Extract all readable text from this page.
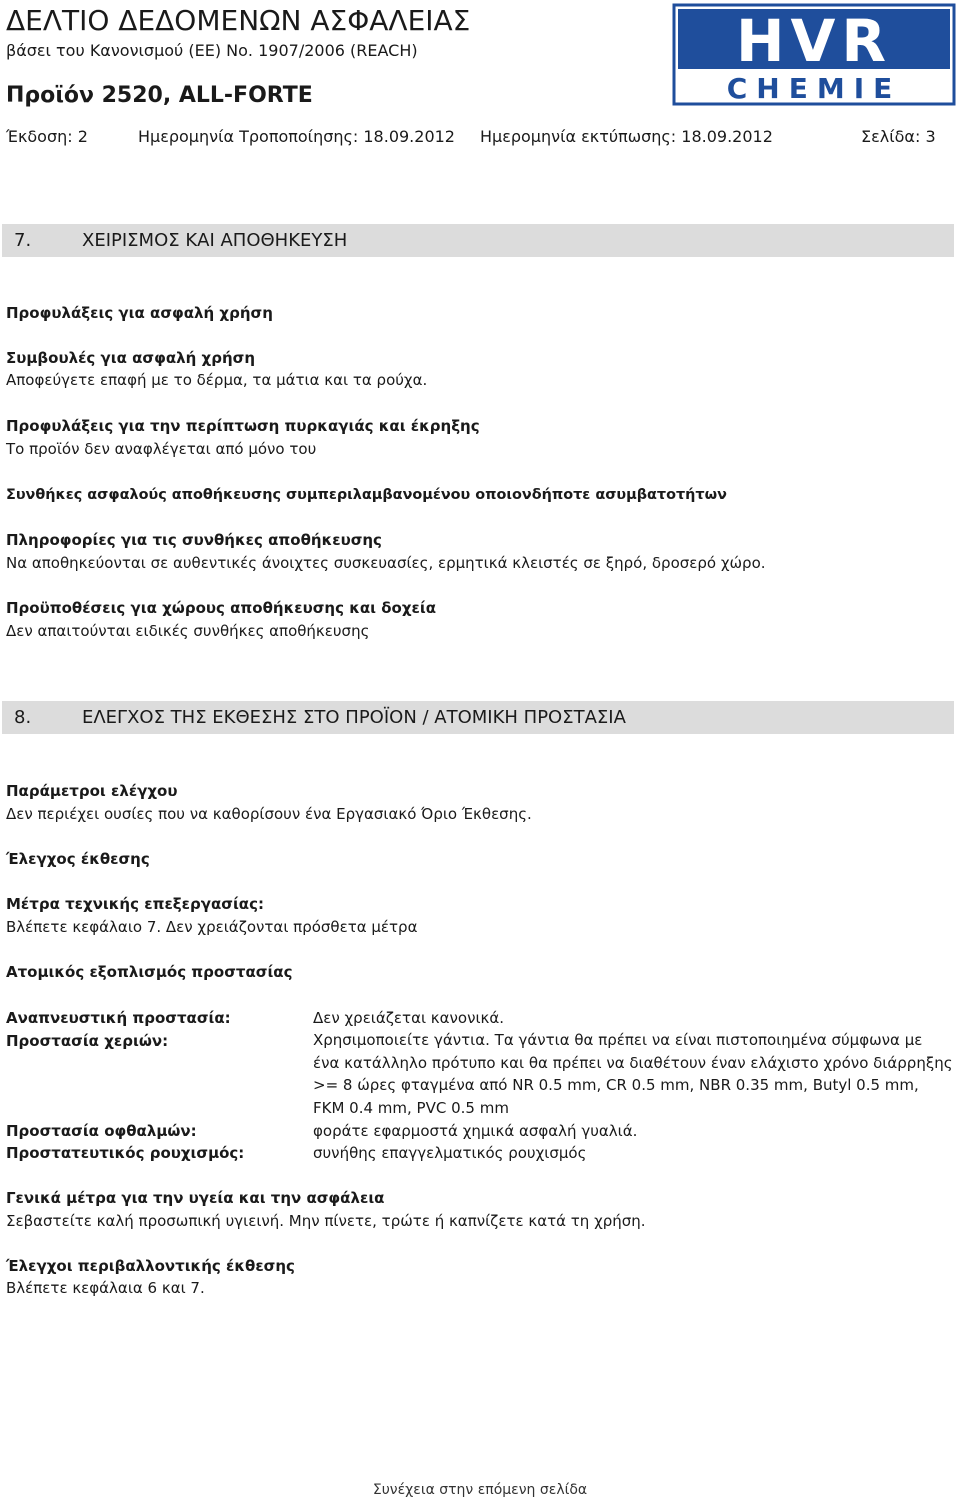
ΔΕΛΤΙΟ ΔΕΔΟΜΕΝΩΝ ΑΣΦΑΛΕΙΑΣ
βάσει του Κανονισμού (ΕΕ) Νο. 1907/2006 (REACH)
Προϊόν 2520, ALL-FORTE
Έκδοση: 2	Ημερομηνία Τροποποίησης: 18.09.2012 Ημερομηνία εκτύπωσης: 18.09.2012	Σελίδα: 3
HVR
CHEMIE
7.	ΧΕΙΡΙΣΜΟΣ ΚΑΙ ΑΠΟΘΗΚΕΥΣΗ
Προφυλάξεις για ασφαλή χρήση
Συμβουλές για ασφαλή χρήση
Αποφεύγετε επαφή με το δέρμα, τα μάτια και τα ρούχα.
Προφυλάξεις για την περίπτωση πυρκαγιάς και έκρηξης
Το προϊόν δεν αναφλέγεται από μόνο του
Συνθήκες ασφαλούς αποθήκευσης συμπεριλαμβανομένου οποιονδήποτε ασυμβατοτήτων
Πληροφορίες για τις συνθήκες αποθήκευσης
Να αποθηκεύονται σε αυθεντικές άνοιχτες συσκευασίες, ερμητικά κλειστές σε ξηρό, δροσερό χώρο.
Προϋποθέσεις για χώρους αποθήκευσης και δοχεία
Δεν απαιτούνται ειδικές συνθήκες αποθήκευσης
8.	ΕΛΕΓΧΟΣ ΤΗΣ ΕΚΘΕΣΗΣ ΣΤΟ ΠΡΟΪΟΝ / ΑΤΟΜΙΚΗ ΠΡΟΣΤΑΣΙΑ
Παράμετροι ελέγχου
Δεν περιέχει ουσίες που να καθορίσουν ένα Εργασιακό Όριο Έκθεσης.
Έλεγχος έκθεσης
Μέτρα τεχνικής επεξεργασίας:
Βλέπετε κεφάλαιο 7. Δεν χρειάζονται πρόσθετα μέτρα
Ατομικός εξοπλισμός προστασίας
Αναπνευστική προστασία:	Δεν χρειάζεται κανονικά.
Προστασία χεριών:	Χρησιμοποιείτε γάντια. Τα γάντια θα πρέπει να είναι πιστοποιημένα σύμφωνα με ένα κατάλληλο πρότυπο και θα πρέπει να διαθέτουν έναν ελάχιστο χρόνο διάρρηξης >= 8 ώρες φταγμένα από NR 0.5 mm, CR 0.5 mm, NBR 0.35 mm, Butyl 0.5 mm, FKM 0.4 mm, PVC 0.5 mm
Προστασία οφθαλμών:	φοράτε εφαρμοστά χημικά ασφαλή γυαλιά.
Προστατευτικός ρουχισμός:	συνήθης επαγγελματικός ρουχισμός
Γενικά μέτρα για την υγεία και την ασφάλεια
Σεβαστείτε καλή προσωπική υγιεινή. Μην πίνετε, τρώτε ή καπνίζετε κατά τη χρήση.
Έλεγχοι περιβαλλοντικής έκθεσης
Βλέπετε κεφάλαια 6 και 7.
Συνέχεια στην επόμενη σελίδα
